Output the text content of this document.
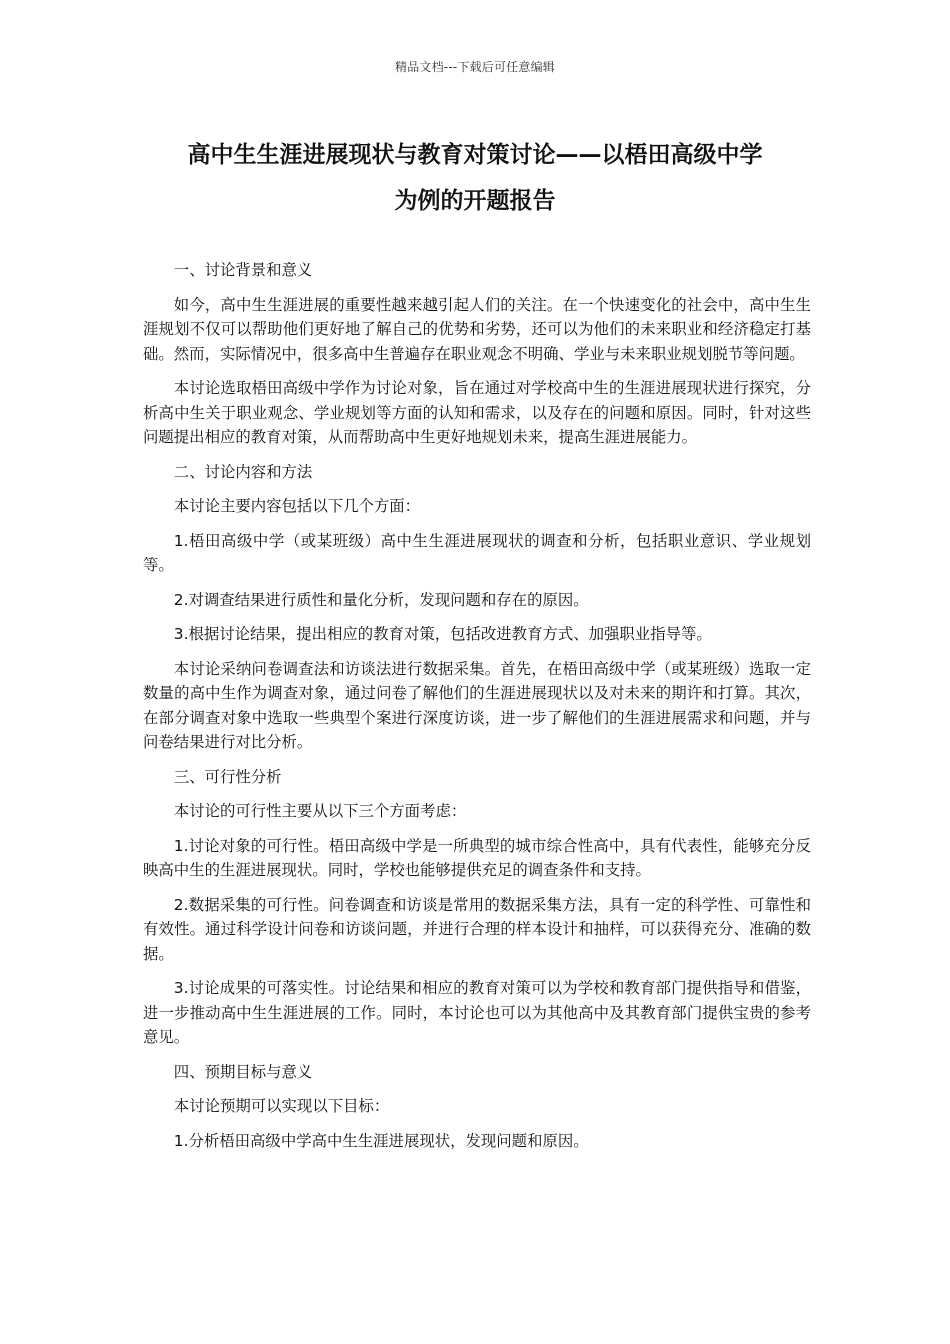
精品文档---下载后可任意编辑
高中生生涯进展现状与教育对策讨论——以梧田高级中学
为例的开题报告

一、讨论背景和意义

如今，高中生生涯进展的重要性越来越引起人们的关注。在一个快速变化的社会中，高中生生涯规划不仅可以帮助他们更好地了解自己的优势和劣势，还可以为他们的未来职业和经济稳定打基础。然而，实际情况中，很多高中生普遍存在职业观念不明确、学业与未来职业规划脱节等问题。

本讨论选取梧田高级中学作为讨论对象，旨在通过对学校高中生的生涯进展现状进行探究，分析高中生关于职业观念、学业规划等方面的认知和需求，以及存在的问题和原因。同时，针对这些问题提出相应的教育对策，从而帮助高中生更好地规划未来，提高生涯进展能力。

二、讨论内容和方法

本讨论主要内容包括以下几个方面：

1.梧田高级中学（或某班级）高中生生涯进展现状的调查和分析，包括职业意识、学业规划等。

2.对调查结果进行质性和量化分析，发现问题和存在的原因。

3.根据讨论结果，提出相应的教育对策，包括改进教育方式、加强职业指导等。

本讨论采纳问卷调查法和访谈法进行数据采集。首先，在梧田高级中学（或某班级）选取一定数量的高中生作为调查对象，通过问卷了解他们的生涯进展现状以及对未来的期许和打算。其次，在部分调查对象中选取一些典型个案进行深度访谈，进一步了解他们的生涯进展需求和问题，并与问卷结果进行对比分析。

三、可行性分析

本讨论的可行性主要从以下三个方面考虑：

1.讨论对象的可行性。梧田高级中学是一所典型的城市综合性高中，具有代表性，能够充分反映高中生的生涯进展现状。同时，学校也能够提供充足的调查条件和支持。

2.数据采集的可行性。问卷调查和访谈是常用的数据采集方法，具有一定的科学性、可靠性和有效性。通过科学设计问卷和访谈问题，并进行合理的样本设计和抽样，可以获得充分、准确的数据。

3.讨论成果的可落实性。讨论结果和相应的教育对策可以为学校和教育部门提供指导和借鉴，进一步推动高中生生涯进展的工作。同时，本讨论也可以为其他高中及其教育部门提供宝贵的参考意见。

四、预期目标与意义

本讨论预期可以实现以下目标：

1.分析梧田高级中学高中生生涯进展现状，发现问题和原因。
